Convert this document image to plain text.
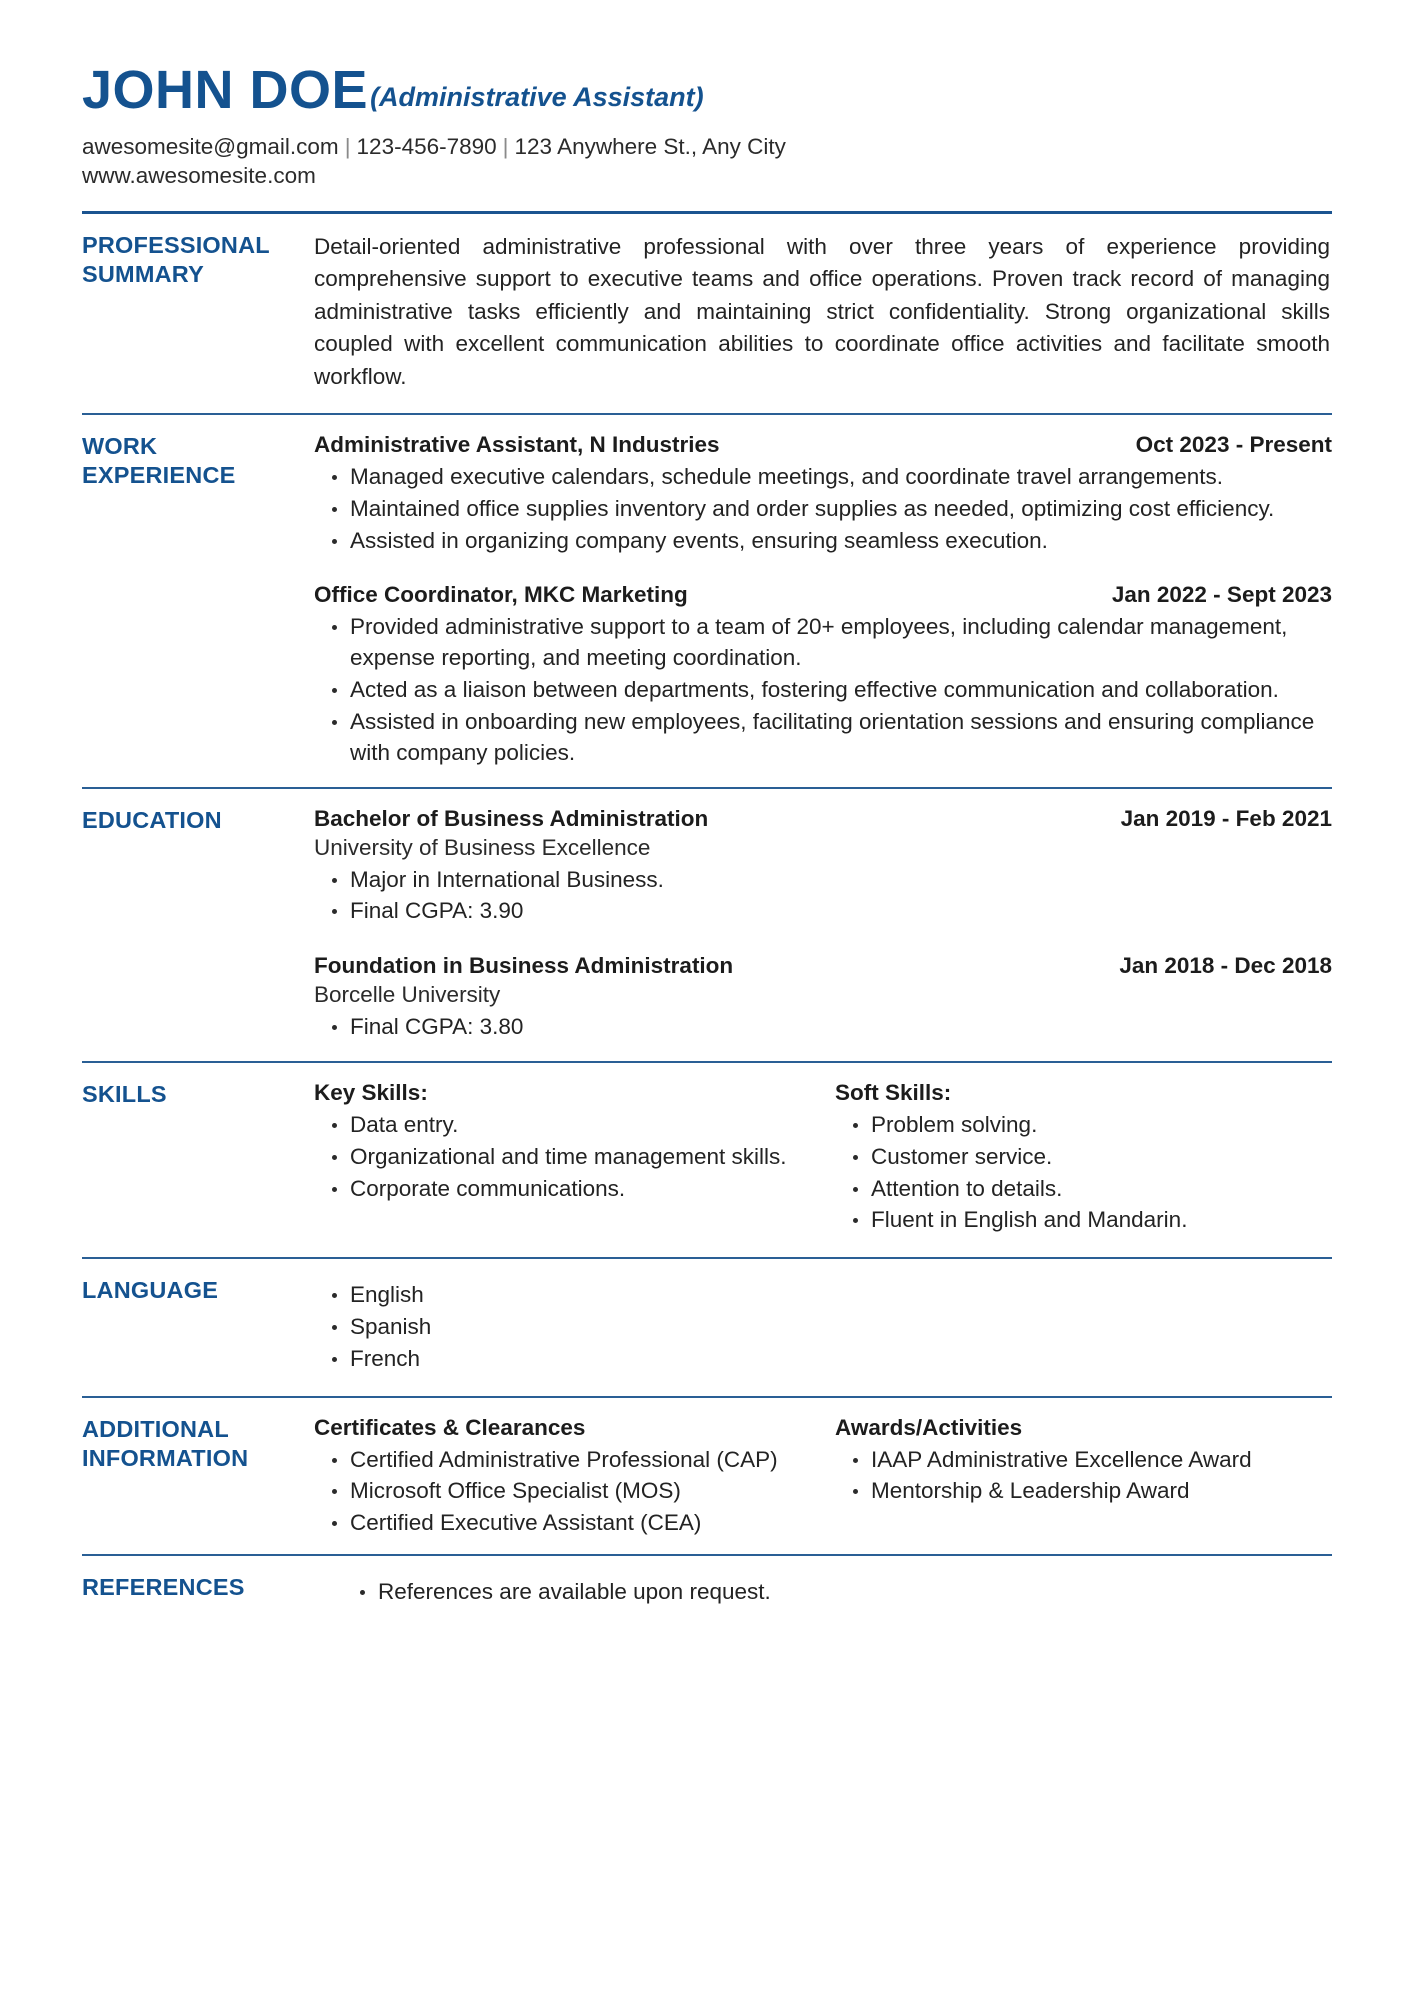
JOHN DOE (Administrative Assistant)
awesomesite@gmail.com | 123-456-7890 | 123 Anywhere St., Any City
www.awesomesite.com
PROFESSIONAL
SUMMARY

Detail-oriented administrative professional with over three years of experience providing comprehensive support to executive teams and office operations. Proven track record of managing administrative tasks efficiently and maintaining strict confidentiality. Strong organizational skills coupled with excellent communication abilities to coordinate office activities and facilitate smooth workflow.

WORK
EXPERIENCE
Administrative Assistant, N Industries	Oct 2023 - Present
Managed executive calendars, schedule meetings, and coordinate travel arrangements.
Maintained office supplies inventory and order supplies as needed, optimizing cost efficiency.
Assisted in organizing company events, ensuring seamless execution.
Office Coordinator, MKC Marketing	Jan 2022 - Sept 2023
Provided administrative support to a team of 20+ employees, including calendar management, expense reporting, and meeting coordination.
Acted as a liaison between departments, fostering effective communication and collaboration.
Assisted in onboarding new employees, facilitating orientation sessions and ensuring compliance with company policies.
EDUCATION	Bachelor of Business Administration	Jan 2019 - Feb 2021
University of Business Excellence
Major in International Business.
Final CGPA: 3.90
Foundation in Business Administration	Jan 2018 - Dec 2018
Borcelle University
Final CGPA: 3.80
SKILLS	Key Skills:
Data entry.
Organizational and time management skills.
Corporate communications.
Soft Skills:
Problem solving.
Customer service.
Attention to details.
Fluent in English and Mandarin.
LANGUAGE	English
Spanish
French
ADDITIONAL
INFORMATION
Certificates & Clearances
Certified Administrative Professional (CAP)
Microsoft Office Specialist (MOS)
Certified Executive Assistant (CEA)
Awards/Activities
IAAP Administrative Excellence Award
Mentorship & Leadership Award
REFERENCES	References are available upon request.
